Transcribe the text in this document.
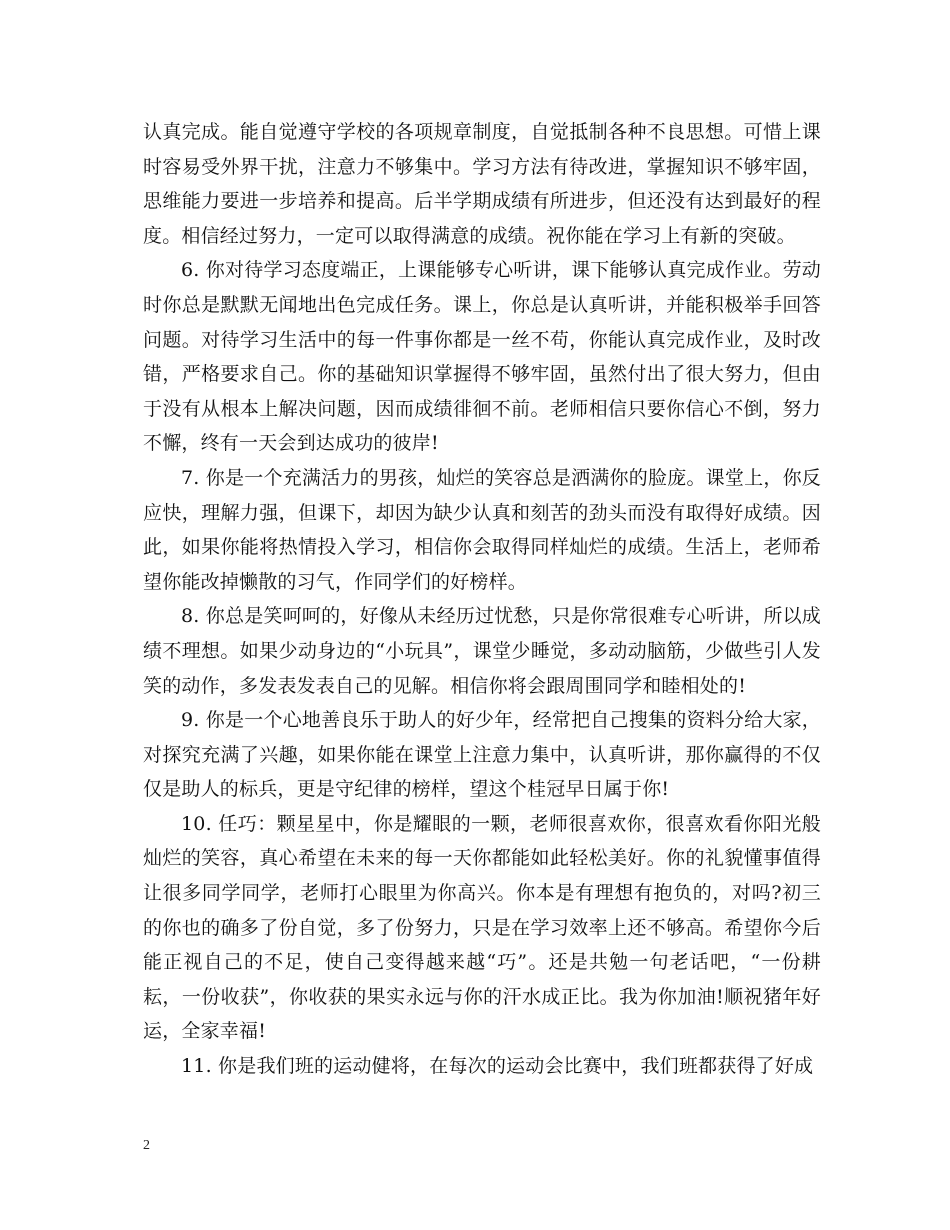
认真完成。能自觉遵守学校的各项规章制度，自觉抵制各种不良思想。可惜上课时容易受外界干扰，注意力不够集中。学习方法有待改进，掌握知识不够牢固，思维能力要进一步培养和提高。后半学期成绩有所进步，但还没有达到最好的程度。相信经过努力，一定可以取得满意的成绩。祝你能在学习上有新的突破。

6. 你对待学习态度端正，上课能够专心听讲，课下能够认真完成作业。劳动时你总是默默无闻地出色完成任务。课上，你总是认真听讲，并能积极举手回答问题。对待学习生活中的每一件事你都是一丝不苟，你能认真完成作业，及时改错，严格要求自己。你的基础知识掌握得不够牢固，虽然付出了很大努力，但由于没有从根本上解决问题，因而成绩徘徊不前。老师相信只要你信心不倒，努力不懈，终有一天会到达成功的彼岸!

7. 你是一个充满活力的男孩，灿烂的笑容总是洒满你的脸庞。课堂上，你反应快，理解力强，但课下，却因为缺少认真和刻苦的劲头而没有取得好成绩。因此，如果你能将热情投入学习，相信你会取得同样灿烂的成绩。生活上，老师希望你能改掉懒散的习气，作同学们的好榜样。

8. 你总是笑呵呵的，好像从未经历过忧愁，只是你常很难专心听讲，所以成绩不理想。如果少动身边的“小玩具”，课堂少睡觉，多动动脑筋，少做些引人发笑的动作，多发表发表自己的见解。相信你将会跟周围同学和睦相处的!

9. 你是一个心地善良乐于助人的好少年，经常把自己搜集的资料分给大家，对探究充满了兴趣，如果你能在课堂上注意力集中，认真听讲，那你赢得的不仅仅是助人的标兵，更是守纪律的榜样，望这个桂冠早日属于你!

10. 任巧：颗星星中，你是耀眼的一颗，老师很喜欢你，很喜欢看你阳光般灿烂的笑容，真心希望在未来的每一天你都能如此轻松美好。你的礼貌懂事值得让很多同学同学，老师打心眼里为你高兴。你本是有理想有抱负的，对吗?初三的你也的确多了份自觉，多了份努力，只是在学习效率上还不够高。希望你今后能正视自己的不足，使自己变得越来越“巧”。还是共勉一句老话吧，“一份耕耘，一份收获”，你收获的果实永远与你的汗水成正比。我为你加油!顺祝猪年好运，全家幸福!

11. 你是我们班的运动健将，在每次的运动会比赛中，我们班都获得了好成

2
